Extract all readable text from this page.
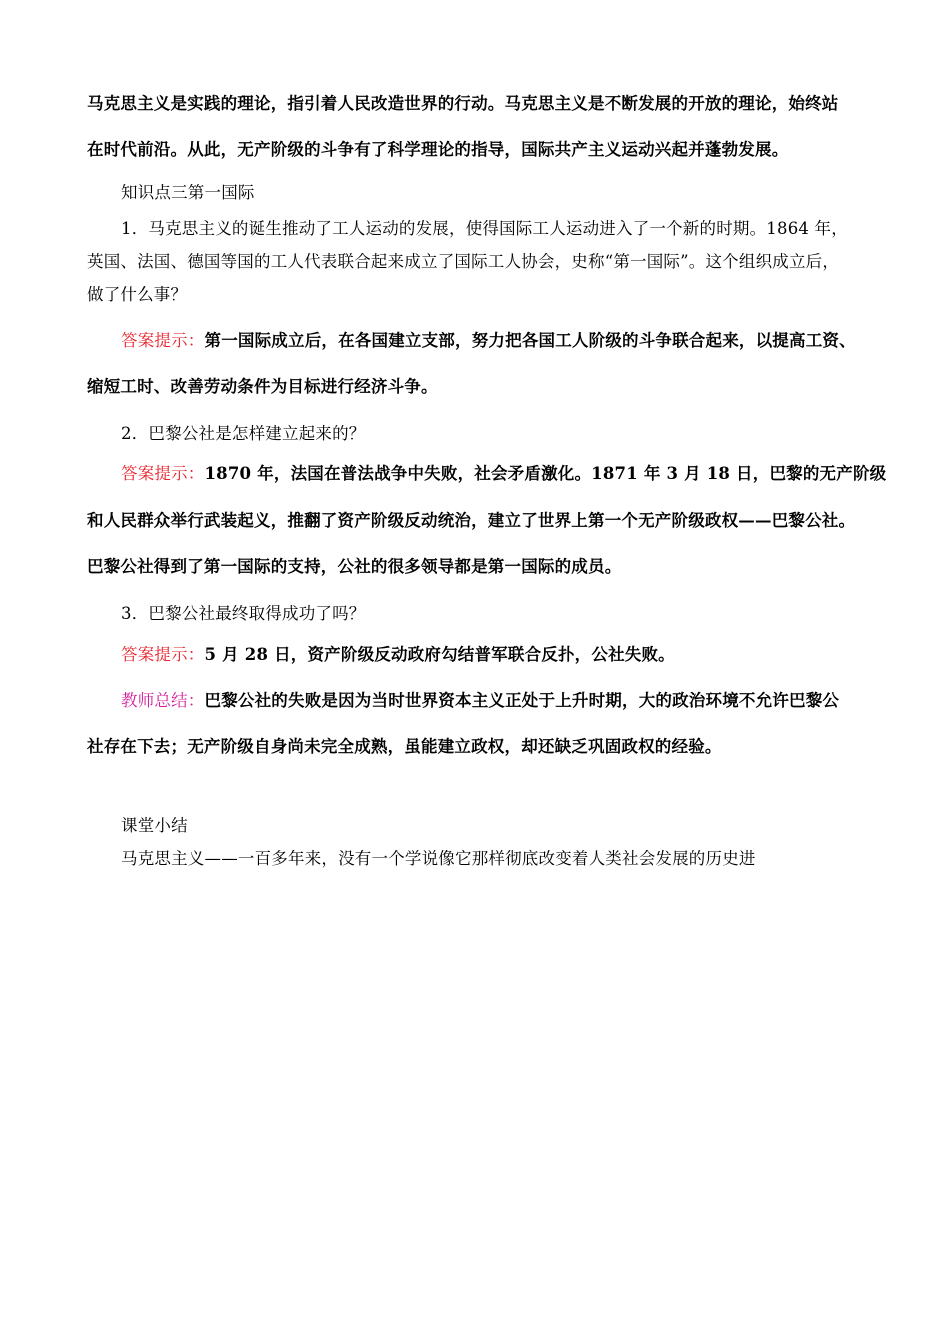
马克思主义是实践的理论，指引着人民改造世界的行动。马克思主义是不断发展的开放的理论，始终站
在时代前沿。从此，无产阶级的斗争有了科学理论的指导，国际共产主义运动兴起并蓬勃发展。
知识点三第一国际
1．马克思主义的诞生推动了工人运动的发展，使得国际工人运动进入了一个新的时期。1864 年，
英国、法国、德国等国的工人代表联合起来成立了国际工人协会，史称“第一国际”。这个组织成立后，
做了什么事？
答案提示：第一国际成立后，在各国建立支部，努力把各国工人阶级的斗争联合起来，以提高工资、
缩短工时、改善劳动条件为目标进行经济斗争。
2．巴黎公社是怎样建立起来的？
答案提示：1870 年，法国在普法战争中失败，社会矛盾激化。1871 年 3 月 18 日，巴黎的无产阶级
和人民群众举行武装起义，推翻了资产阶级反动统治，建立了世界上第一个无产阶级政权——巴黎公社。
巴黎公社得到了第一国际的支持，公社的很多领导都是第一国际的成员。
3．巴黎公社最终取得成功了吗？
答案提示：5 月 28 日，资产阶级反动政府勾结普军联合反扑，公社失败。
教师总结：巴黎公社的失败是因为当时世界资本主义正处于上升时期，大的政治环境不允许巴黎公
社存在下去；无产阶级自身尚未完全成熟，虽能建立政权，却还缺乏巩固政权的经验。
课堂小结
马克思主义——一百多年来，没有一个学说像它那样彻底改变着人类社会发展的历史进
